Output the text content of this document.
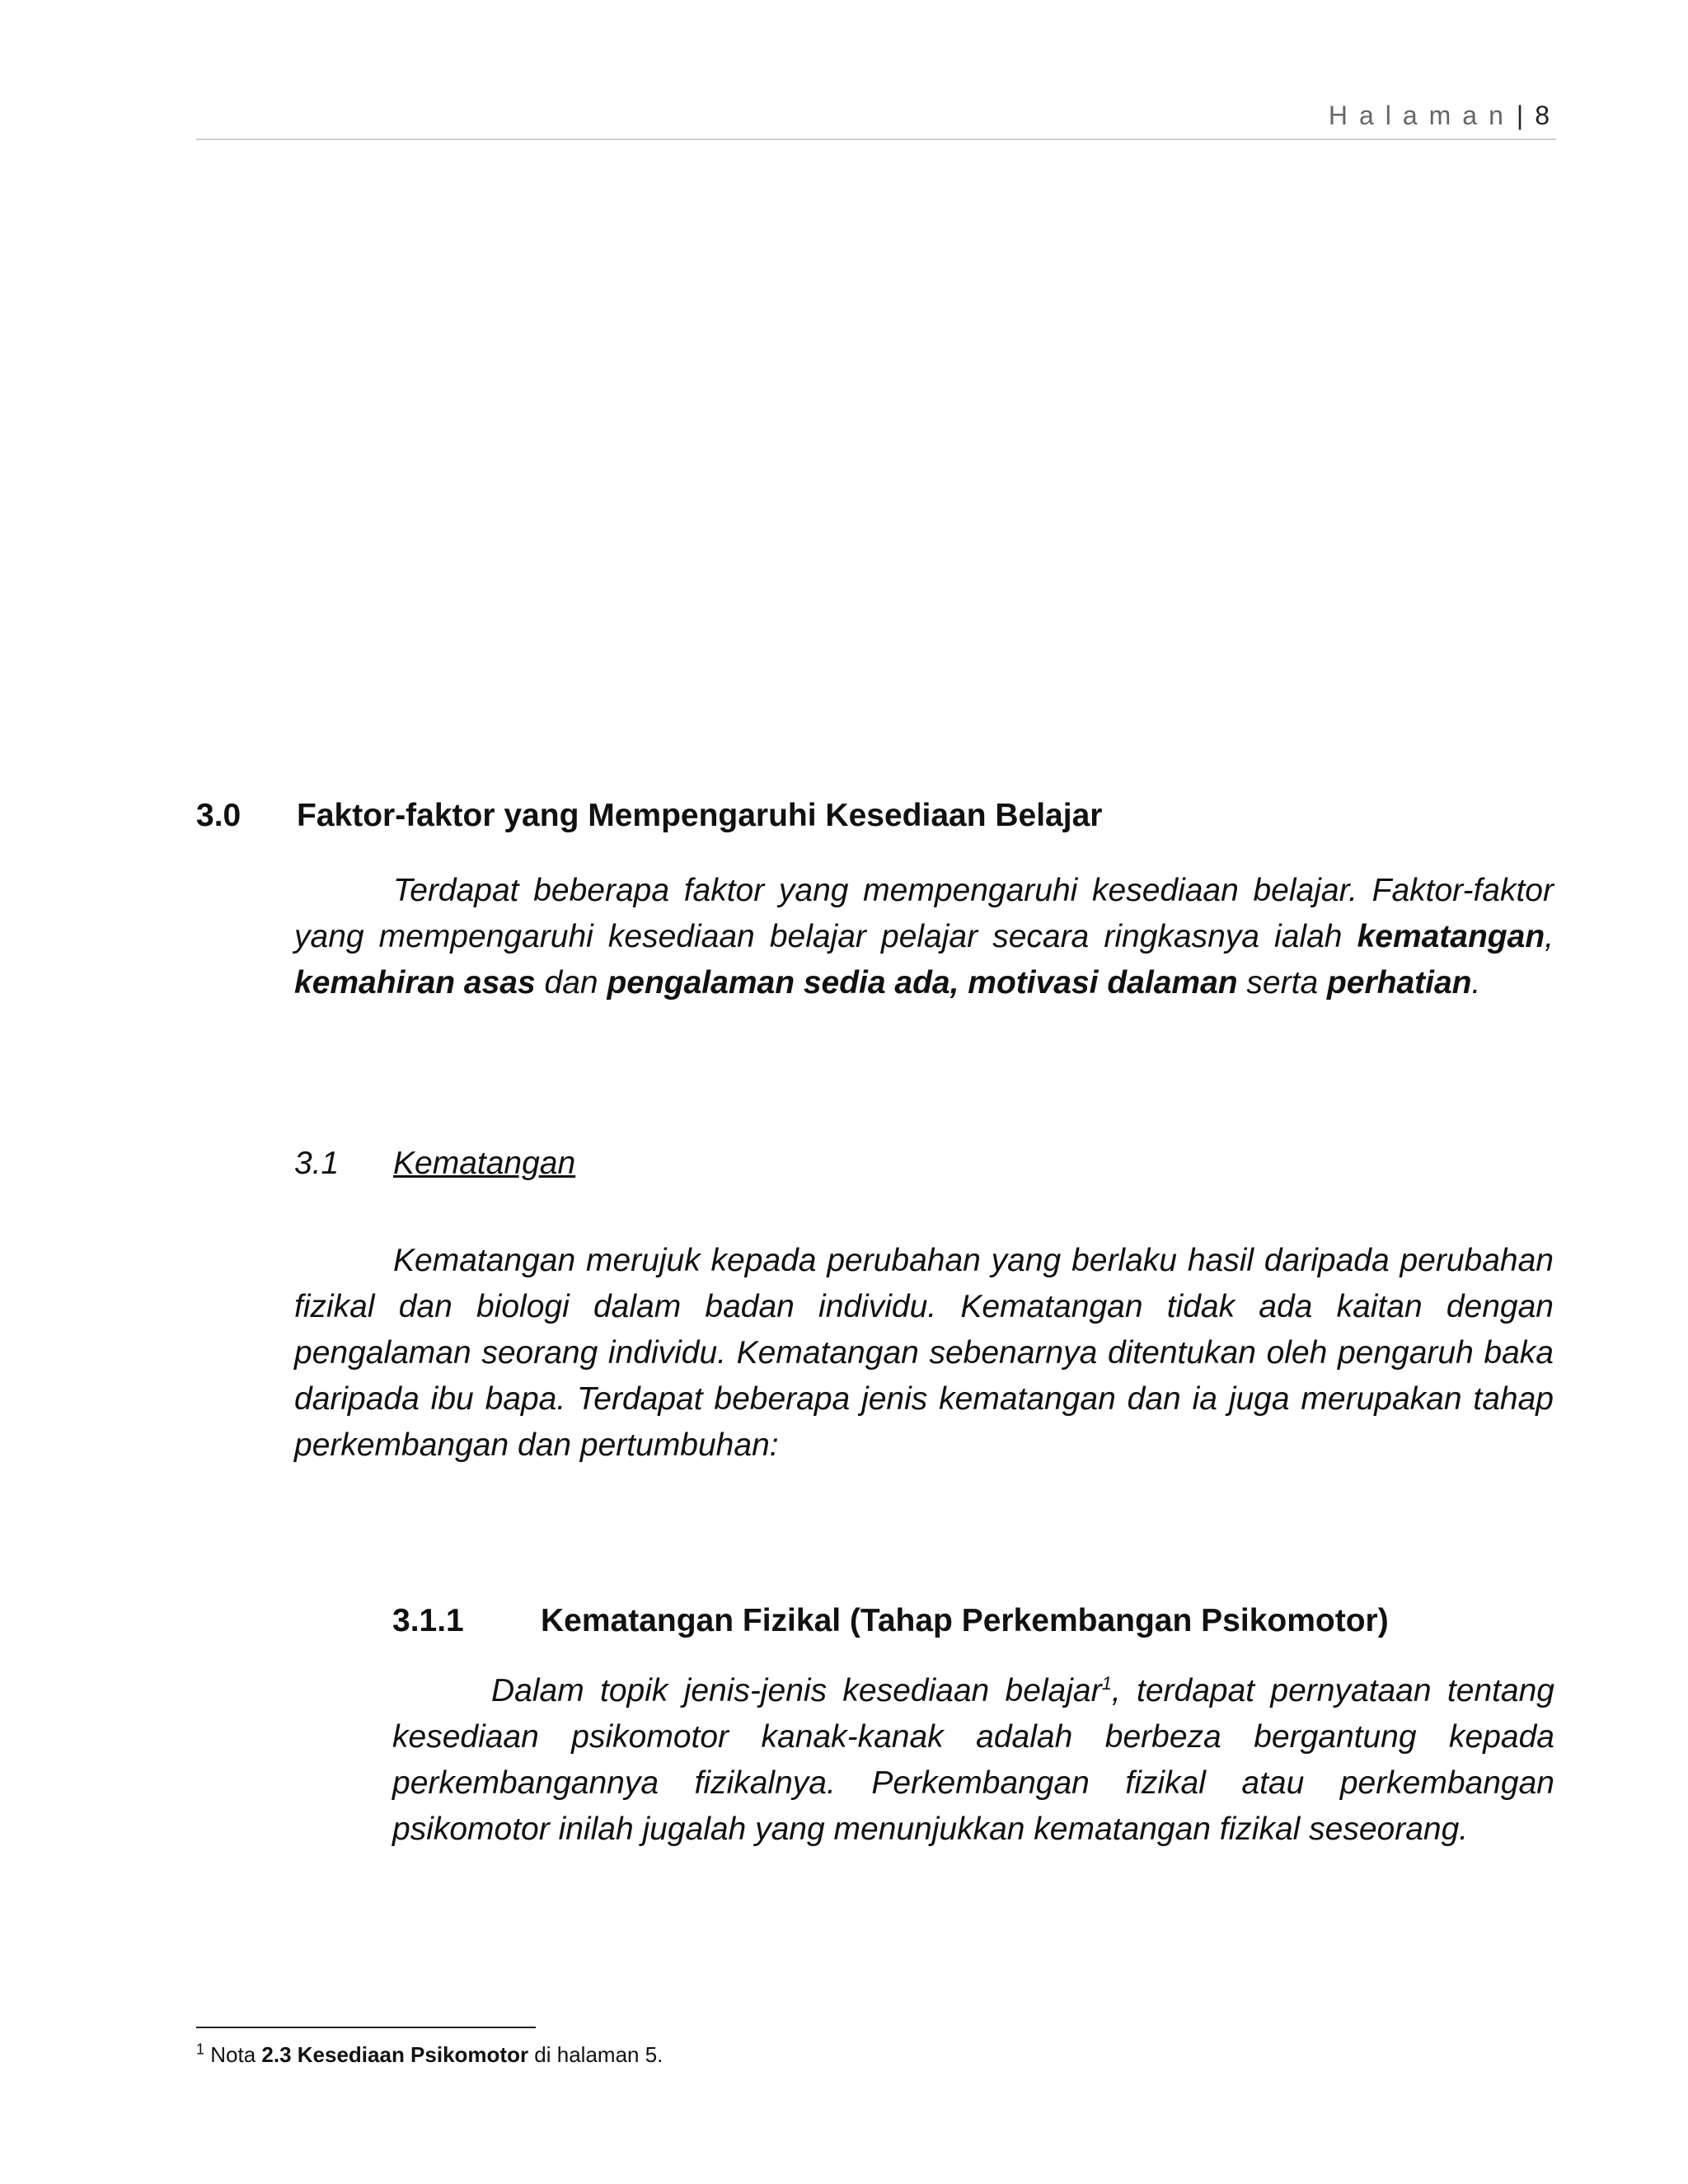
Halaman| 8
3.0 Faktor-faktor yang Mempengaruhi Kesediaan Belajar
Terdapat beberapa faktor yang mempengaruhi kesediaan belajar. Faktor-faktor yang mempengaruhi kesediaan belajar pelajar secara ringkasnya ialah kematangan, kemahiran asas dan pengalaman sedia ada, motivasi dalaman serta perhatian.
3.1 Kematangan
Kematangan merujuk kepada perubahan yang berlaku hasil daripada perubahan fizikal dan biologi dalam badan individu. Kematangan tidak ada kaitan dengan pengalaman seorang individu. Kematangan sebenarnya ditentukan oleh pengaruh baka daripada ibu bapa. Terdapat beberapa jenis kematangan dan ia juga merupakan tahap perkembangan dan pertumbuhan:
3.1.1 Kematangan Fizikal (Tahap Perkembangan Psikomotor)
Dalam topik jenis-jenis kesediaan belajar$^1$, terdapat pernyataan tentang kesediaan psikomotor kanak-kanak adalah berbeza bergantung kepada perkembangannya fizikalnya. Perkembangan fizikal atau perkembangan psikomotor inilah jugalah yang menunjukkan kematangan fizikal seseorang.
$^1$ Nota 2.3 Kesediaan Psikomotor di halaman 5.
